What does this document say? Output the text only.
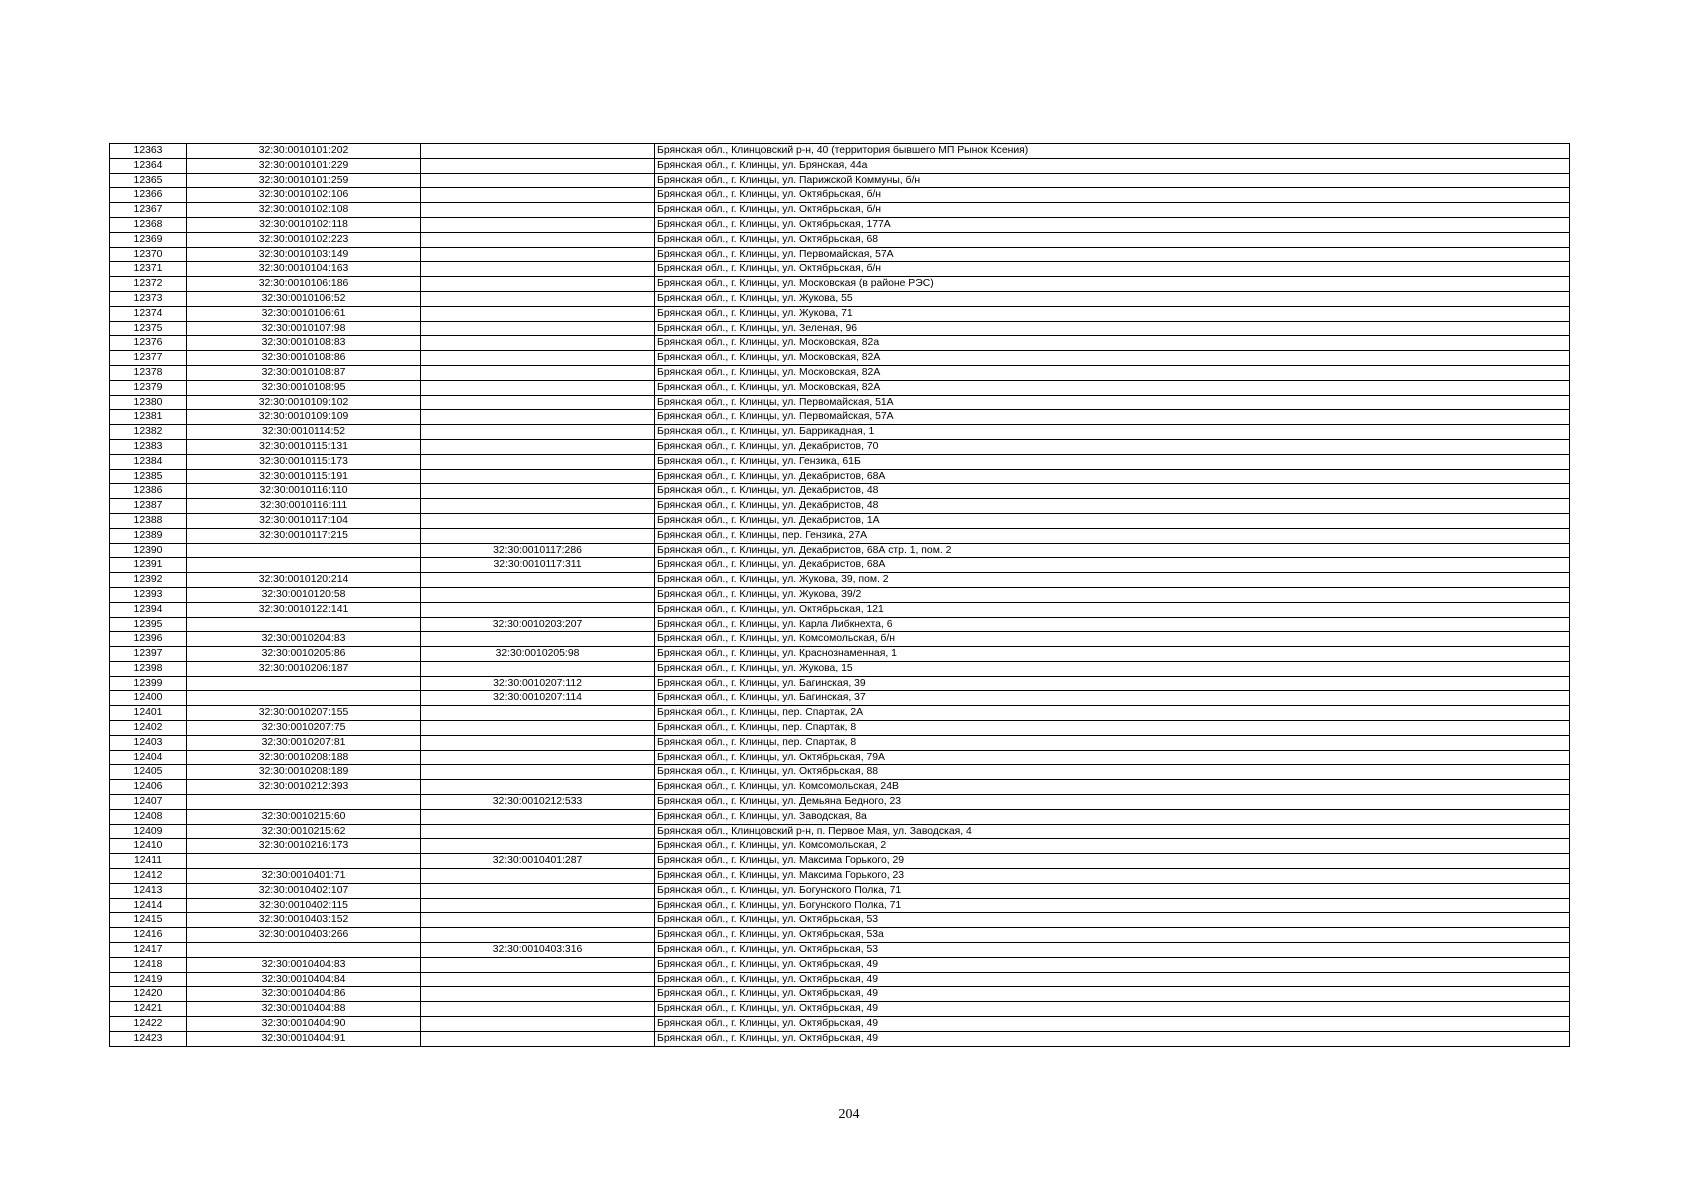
12363	32:30:0010101:202		Брянская обл., Клинцовский р-н, 40 (территория бывшего МП Рынок Ксения)
12364	32:30:0010101:229		Брянская обл., г. Клинцы, ул. Брянская, 44а
12365	32:30:0010101:259		Брянская обл., г. Клинцы, ул. Парижской Коммуны, б/н
12366	32:30:0010102:106		Брянская обл., г. Клинцы, ул. Октябрьская, б/н
12367	32:30:0010102:108		Брянская обл., г. Клинцы, ул. Октябрьская, б/н
12368	32:30:0010102:118		Брянская обл., г. Клинцы, ул. Октябрьская, 177А
12369	32:30:0010102:223		Брянская обл., г. Клинцы, ул. Октябрьская, 68
12370	32:30:0010103:149		Брянская обл., г. Клинцы, ул. Первомайская, 57А
12371	32:30:0010104:163		Брянская обл., г. Клинцы, ул. Октябрьская, б/н
12372	32:30:0010106:186		Брянская обл., г. Клинцы, ул. Московская (в районе РЭС)
12373	32:30:0010106:52		Брянская обл., г. Клинцы, ул. Жукова, 55
12374	32:30:0010106:61		Брянская обл., г. Клинцы, ул. Жукова, 71
12375	32:30:0010107:98		Брянская обл., г. Клинцы, ул. Зеленая, 96
12376	32:30:0010108:83		Брянская обл., г. Клинцы, ул. Московская, 82а
12377	32:30:0010108:86		Брянская обл., г. Клинцы, ул. Московская, 82А
12378	32:30:0010108:87		Брянская обл., г. Клинцы, ул. Московская, 82А
12379	32:30:0010108:95		Брянская обл., г. Клинцы, ул. Московская, 82А
12380	32:30:0010109:102		Брянская обл., г. Клинцы, ул. Первомайская, 51А
12381	32:30:0010109:109		Брянская обл., г. Клинцы, ул. Первомайская, 57А
12382	32:30:0010114:52		Брянская обл., г. Клинцы, ул. Баррикадная, 1
12383	32:30:0010115:131		Брянская обл., г. Клинцы, ул. Декабристов, 70
12384	32:30:0010115:173		Брянская обл., г. Клинцы, ул. Гензика, 61Б
12385	32:30:0010115:191		Брянская обл., г. Клинцы, ул. Декабристов, 68А
12386	32:30:0010116:110		Брянская обл., г. Клинцы, ул. Декабристов, 48
12387	32:30:0010116:111		Брянская обл., г. Клинцы, ул. Декабристов, 48
12388	32:30:0010117:104		Брянская обл., г. Клинцы, ул. Декабристов, 1А
12389	32:30:0010117:215		Брянская обл., г. Клинцы, пер. Гензика, 27А
12390		32:30:0010117:286	Брянская обл., г. Клинцы, ул. Декабристов, 68А стр. 1, пом. 2
12391		32:30:0010117:311	Брянская обл., г. Клинцы, ул. Декабристов, 68А
12392	32:30:0010120:214		Брянская обл., г. Клинцы, ул. Жукова, 39, пом. 2
12393	32:30:0010120:58		Брянская обл., г. Клинцы, ул. Жукова, 39/2
12394	32:30:0010122:141		Брянская обл., г. Клинцы, ул. Октябрьская, 121
12395		32:30:0010203:207	Брянская обл., г. Клинцы, ул. Карла Либкнехта, 6
12396	32:30:0010204:83		Брянская обл., г. Клинцы, ул. Комсомольская, б/н
12397	32:30:0010205:86	32:30:0010205:98	Брянская обл., г. Клинцы, ул. Краснознаменная, 1
12398	32:30:0010206:187		Брянская обл., г. Клинцы, ул. Жукова, 15
12399		32:30:0010207:112	Брянская обл., г. Клинцы, ул. Багинская, 39
12400		32:30:0010207:114	Брянская обл., г. Клинцы, ул. Багинская, 37
12401	32:30:0010207:155		Брянская обл., г. Клинцы, пер. Спартак, 2А
12402	32:30:0010207:75		Брянская обл., г. Клинцы, пер. Спартак, 8
12403	32:30:0010207:81		Брянская обл., г. Клинцы, пер. Спартак, 8
12404	32:30:0010208:188		Брянская обл., г. Клинцы, ул. Октябрьская, 79А
12405	32:30:0010208:189		Брянская обл., г. Клинцы, ул. Октябрьская, 88
12406	32:30:0010212:393		Брянская обл., г. Клинцы, ул. Комсомольская, 24В
12407		32:30:0010212:533	Брянская обл., г. Клинцы, ул. Демьяна Бедного, 23
12408	32:30:0010215:60		Брянская обл., г. Клинцы, ул. Заводская, 8а
12409	32:30:0010215:62		Брянская обл., Клинцовский р-н, п. Первое Мая, ул. Заводская, 4
12410	32:30:0010216:173		Брянская обл., г. Клинцы, ул. Комсомольская, 2
12411		32:30:0010401:287	Брянская обл., г. Клинцы, ул. Максима Горького, 29
12412	32:30:0010401:71		Брянская обл., г. Клинцы, ул. Максима Горького, 23
12413	32:30:0010402:107		Брянская обл., г. Клинцы, ул. Богунского Полка, 71
12414	32:30:0010402:115		Брянская обл., г. Клинцы, ул. Богунского Полка, 71
12415	32:30:0010403:152		Брянская обл., г. Клинцы, ул. Октябрьская, 53
12416	32:30:0010403:266		Брянская обл., г. Клинцы, ул. Октябрьская, 53а
12417		32:30:0010403:316	Брянская обл., г. Клинцы, ул. Октябрьская, 53
12418	32:30:0010404:83		Брянская обл., г. Клинцы, ул. Октябрьская, 49
12419	32:30:0010404:84		Брянская обл., г. Клинцы, ул. Октябрьская, 49
12420	32:30:0010404:86		Брянская обл., г. Клинцы, ул. Октябрьская, 49
12421	32:30:0010404:88		Брянская обл., г. Клинцы, ул. Октябрьская, 49
12422	32:30:0010404:90		Брянская обл., г. Клинцы, ул. Октябрьская, 49
12423	32:30:0010404:91		Брянская обл., г. Клинцы, ул. Октябрьская, 49
204
